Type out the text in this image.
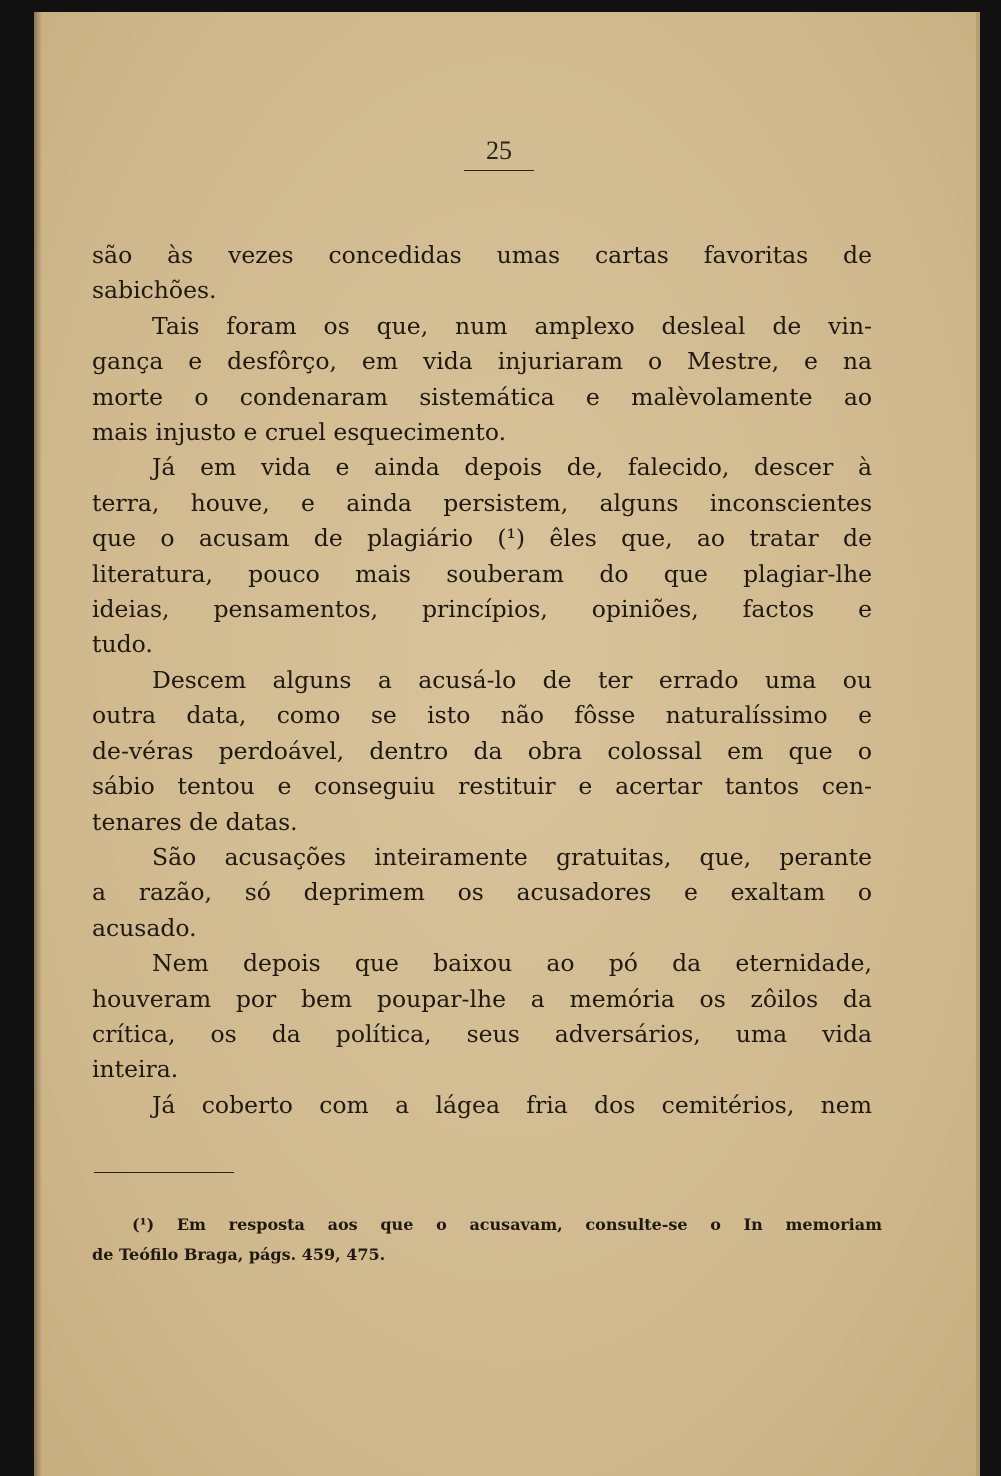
25
são às vezes concedidas umas cartas favoritas de
sabichões.
Tais foram os que, num amplexo desleal de vin-
gança e desfôrço, em vida injuriaram o Mestre, e na
morte o condenaram sistemática e malèvolamente ao
mais injusto e cruel esquecimento.
Já em vida e ainda depois de, falecido, descer à
terra, houve, e ainda persistem, alguns inconscientes
que o acusam de plagiário (¹) êles que, ao tratar de
literatura, pouco mais souberam do que plagiar-lhe
ideias, pensamentos, princípios, opiniões, factos e
tudo.
Descem alguns a acusá-lo de ter errado uma ou
outra data, como se isto não fôsse naturalíssimo e
de-véras perdoável, dentro da obra colossal em que o
sábio tentou e conseguiu restituir e acertar tantos cen-
tenares de datas.
São acusações inteiramente gratuitas, que, perante
a razão, só deprimem os acusadores e exaltam o
acusado.
Nem depois que baixou ao pó da eternidade,
houveram por bem poupar-lhe a memória os zôilos da
crítica, os da política, seus adversários, uma vida
inteira.
Já coberto com a lágea fria dos cemitérios, nem
(¹) Em resposta aos que o acusavam, consulte-se o In memoriam
de Teófilo Braga, págs. 459, 475.
